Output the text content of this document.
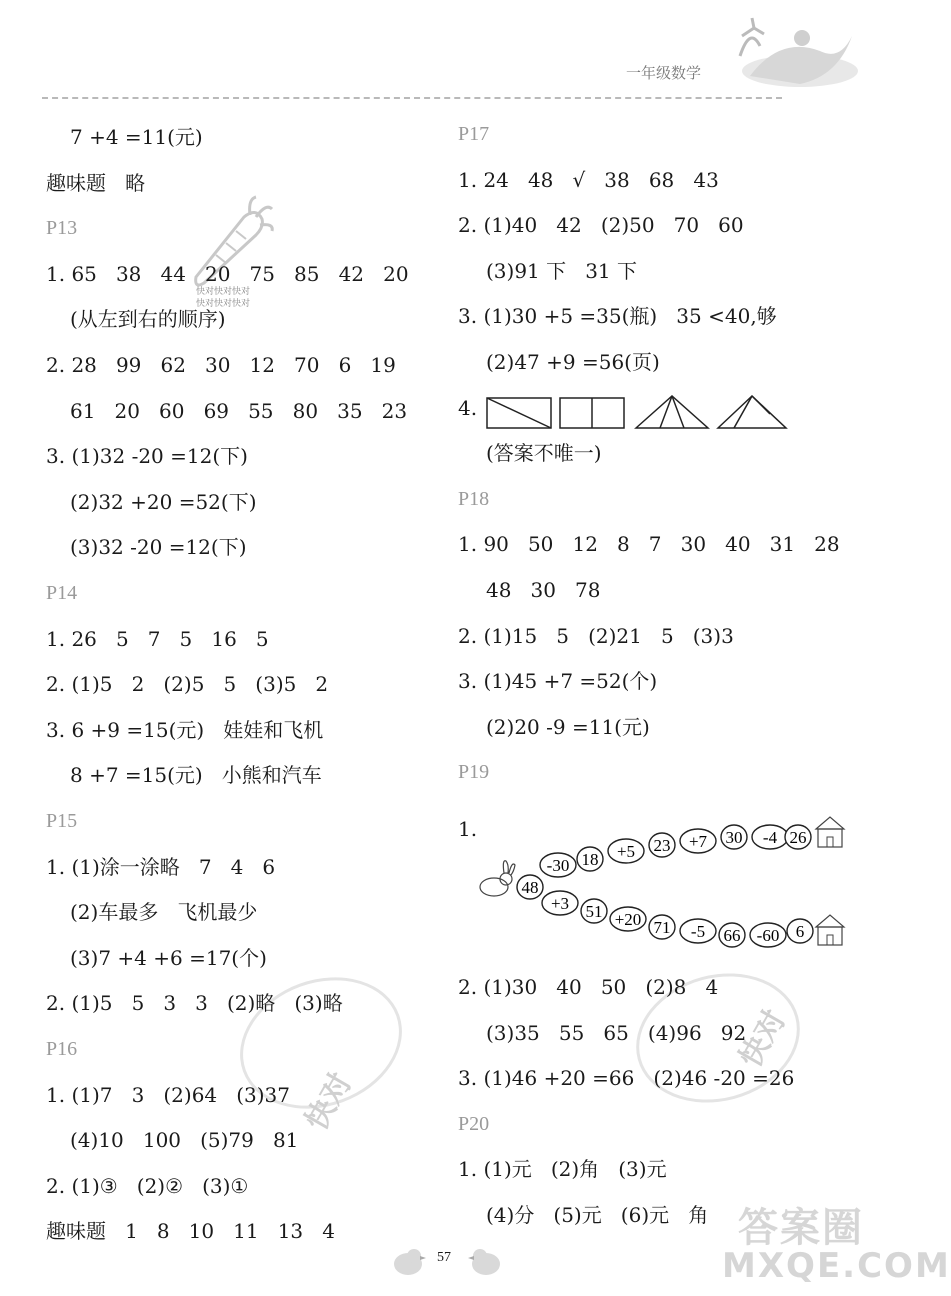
一年级数学
快对
快对
快对快对快对
快对快对快对
7 +4 =11(元)
趣味题   略
P13
1. 65   38   44   20   75   85   42   20
(从左到右的顺序)
2. 28   99   62   30   12   70   6   19
61   20   60   69   55   80   35   23
3. (1)32 -20 =12(下)
(2)32 +20 =52(下)
(3)32 -20 =12(下)
P14
1. 26   5   7   5   16   5
2. (1)5   2   (2)5   5   (3)5   2
3. 6 +9 =15(元)   娃娃和飞机
8 +7 =15(元)   小熊和汽车
P15
1. (1)涂一涂略   7   4   6
(2)车最多   飞机最少
(3)7 +4 +6 =17(个)
2. (1)5   5   3   3   (2)略   (3)略
P16
1. (1)7   3   (2)64   (3)37
(4)10   100   (5)79   81
2. (1)③   (2)②   (3)①
趣味题   1   8   10   11   13   4
P17
1. 24   48   √   38   68   43
2. (1)40   42   (2)50   70   60
(3)91 下   31 下
3. (1)30 +5 =35(瓶)   35 <40,够
(2)47 +9 =56(页)
4.
(答案不唯一)
P18
1. 90   50   12   8   7   30   40   31   28
48   30   78
2. (1)15   5   (2)21   5   (3)3
3. (1)45 +7 =52(个)
(2)20 -9 =11(元)
P19
1.
2. (1)30   40   50   (2)8   4
(3)35   55   65   (4)96   92
3. (1)46 +20 =66   (2)46 -20 =26
P20
1. (1)元   (2)角   (3)元
(4)分   (5)元   (6)元   角
-30 18 +5 23 +7 30 -4 26
48
+3 51 +20 71 -5 66 -60 6
57	MXQE.COM
答案圈
